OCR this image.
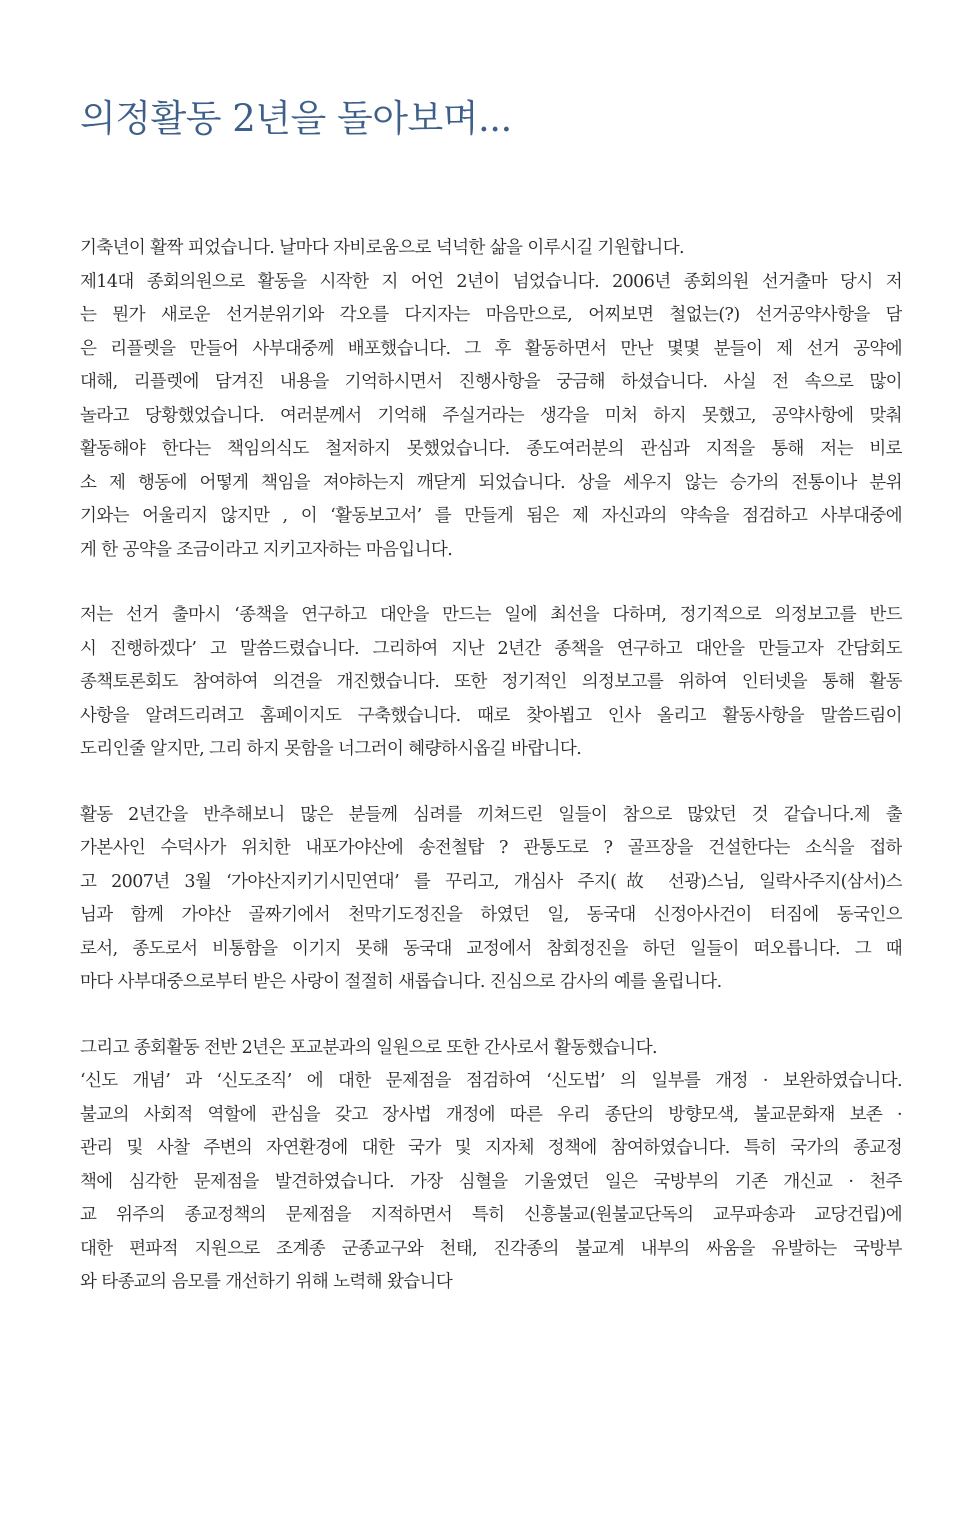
의정활동 2년을 돌아보며...

기축년이 활짝 피었습니다. 날마다 자비로움으로 넉넉한 삶을 이루시길 기원합니다.
제14대 종회의원으로 활동을 시작한 지 어언 2년이 넘었습니다. 2006년 종회의원 선거출마 당시 저
는 뭔가 새로운 선거분위기와 각오를 다지자는 마음만으로, 어찌보면 철없는(?) 선거공약사항을 담
은 리플렛을 만들어 사부대중께 배포했습니다. 그 후 활동하면서 만난 몇몇 분들이 제 선거 공약에
대해, 리플렛에 담겨진 내용을 기억하시면서 진행사항을 궁금해 하셨습니다. 사실 전 속으로 많이
놀라고 당황했었습니다. 여러분께서 기억해 주실거라는 생각을 미처 하지 못했고, 공약사항에 맞춰
활동해야 한다는 책임의식도 철저하지 못했었습니다. 종도여러분의 관심과 지적을 통해 저는 비로
소 제 행동에 어떻게 책임을 져야하는지 깨닫게 되었습니다. 상을 세우지 않는 승가의 전통이나 분위
기와는 어울리지 않지만 , 이 ‘활동보고서’ 를 만들게 됨은 제 자신과의 약속을 점검하고 사부대중에
게 한 공약을 조금이라고 지키고자하는 마음입니다.

저는 선거 출마시 ‘종책을 연구하고 대안을 만드는 일에 최선을 다하며, 정기적으로 의정보고를 반드
시 진행하겠다’ 고 말씀드렸습니다. 그리하여 지난 2년간 종책을 연구하고 대안을 만들고자 간담회도
종책토론회도 참여하여 의견을 개진했습니다. 또한 정기적인 의정보고를 위하여 인터넷을 통해 활동
사항을 알려드리려고 홈페이지도 구축했습니다. 때로 찾아뵙고 인사 올리고 활동사항을 말씀드림이
도리인줄 알지만, 그리 하지 못함을 너그러이 혜량하시옵길 바랍니다.

활동 2년간을 반추해보니 많은 분들께 심려를 끼쳐드린 일들이 참으로 많았던 것 같습니다.제 출
가본사인 수덕사가 위치한 내포가야산에 송전철탑 ? 관통도로 ? 골프장을 건설한다는 소식을 접하
고 2007년 3월 ‘가야산지키기시민연대’ 를 꾸리고, 개심사 주지(故 선광)스님, 일락사주지(삼서)스
님과 함께 가야산 골짜기에서 천막기도정진을 하였던 일, 동국대 신정아사건이 터짐에 동국인으
로서, 종도로서 비통함을 이기지 못해 동국대 교정에서 참회정진을 하던 일들이 떠오릅니다. 그 때
마다 사부대중으로부터 받은 사랑이 절절히 새롭습니다. 진심으로 감사의 예를 올립니다.

그리고 종회활동 전반 2년은 포교분과의 일원으로 또한 간사로서 활동했습니다.
‘신도 개념’ 과 ‘신도조직’ 에 대한 문제점을 점검하여 ‘신도법’ 의 일부를 개정 · 보완하였습니다.
불교의 사회적 역할에 관심을 갖고 장사법 개정에 따른 우리 종단의 방향모색, 불교문화재 보존 ·
관리 및 사찰 주변의 자연환경에 대한 국가 및 지자체 정책에 참여하였습니다. 특히 국가의 종교정
책에 심각한 문제점을 발견하였습니다. 가장 심혈을 기울였던 일은 국방부의 기존 개신교 · 천주
교 위주의 종교정책의 문제점을 지적하면서 특히 신흥불교(원불교단독의 교무파송과 교당건립)에
대한 편파적 지원으로 조계종 군종교구와 천태, 진각종의 불교계 내부의 싸움을 유발하는 국방부
와 타종교의 음모를 개선하기 위해 노력해 왔습니다
